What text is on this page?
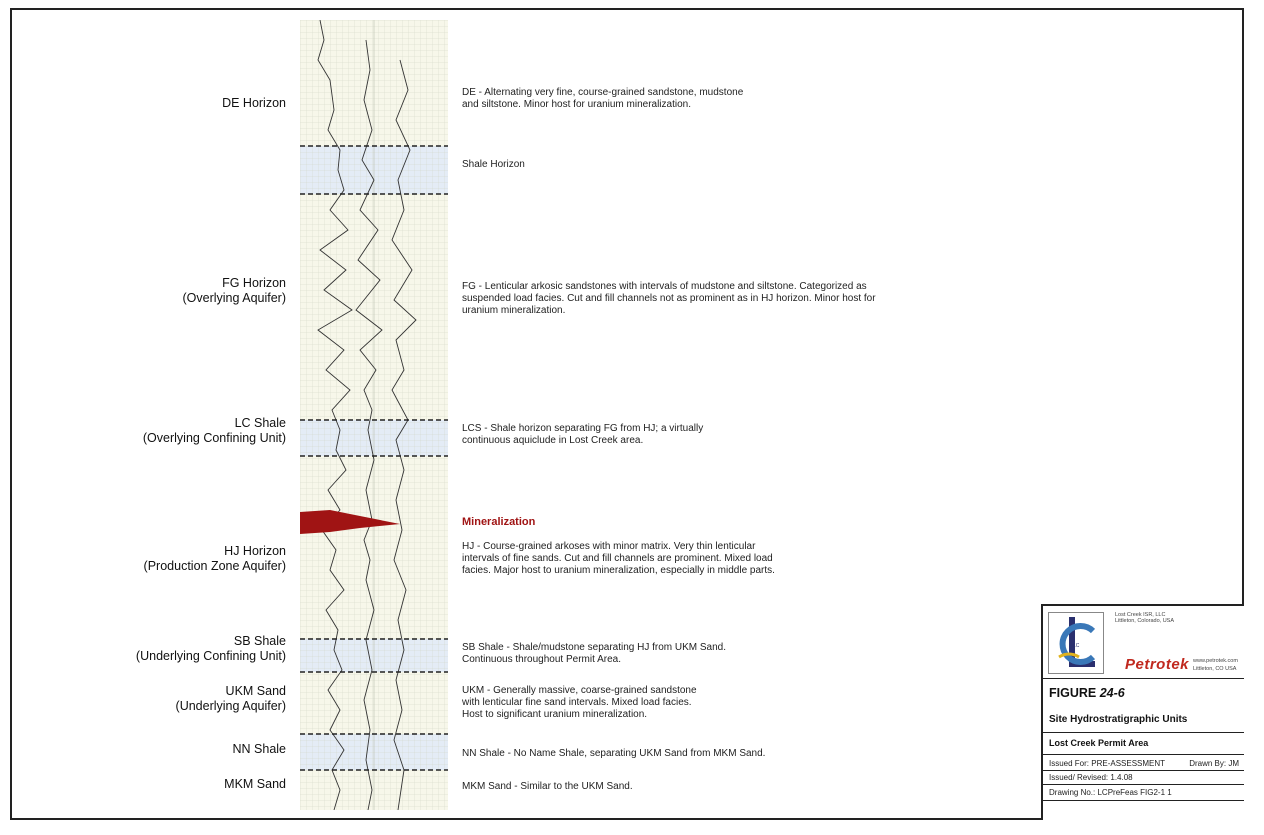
DE Horizon
FG Horizon
(Overlying Aquifer)
LC Shale
(Overlying Confining Unit)
HJ Horizon
(Production Zone Aquifer)
SB Shale
(Underlying Confining Unit)
UKM Sand
(Underlying Aquifer)
NN Shale
MKM Sand
DE - Alternating very fine, course-grained sandstone, mudstone
and siltstone. Minor host for uranium mineralization.
Shale Horizon
FG - Lenticular arkosic sandstones with intervals of mudstone and siltstone. Categorized as
suspended load facies. Cut and fill channels not as prominent as in HJ horizon. Minor host for
uranium mineralization.
LCS - Shale horizon separating FG from HJ; a virtually
continuous aquiclude in Lost Creek area.
Mineralization
HJ - Course-grained arkoses with minor matrix. Very thin lenticular
intervals of fine sands. Cut and fill channels are prominent. Mixed load
facies. Major host to uranium mineralization, especially in middle parts.
SB Shale - Shale/mudstone separating HJ from UKM Sand.
Continuous throughout Permit Area.
UKM - Generally massive, coarse-grained sandstone
with lenticular fine sand intervals. Mixed load facies.
Host to significant uranium mineralization.
NN Shale - No Name Shale, separating UKM Sand from MKM Sand.
MKM Sand - Similar to the UKM Sand.
LC
Lost Creek ISR, LLC
Littleton, Colorado, USA
Petrotek www.petrotek.com
Littleton, CO USA
FIGURE 24-6
Site Hydrostratigraphic Units
Lost Creek Permit Area
Issued For: PRE-ASSESSMENT	Drawn By: JM
Issued/ Revised: 1.4.08
Drawing No.: LCPreFeas FIG2-1 1
